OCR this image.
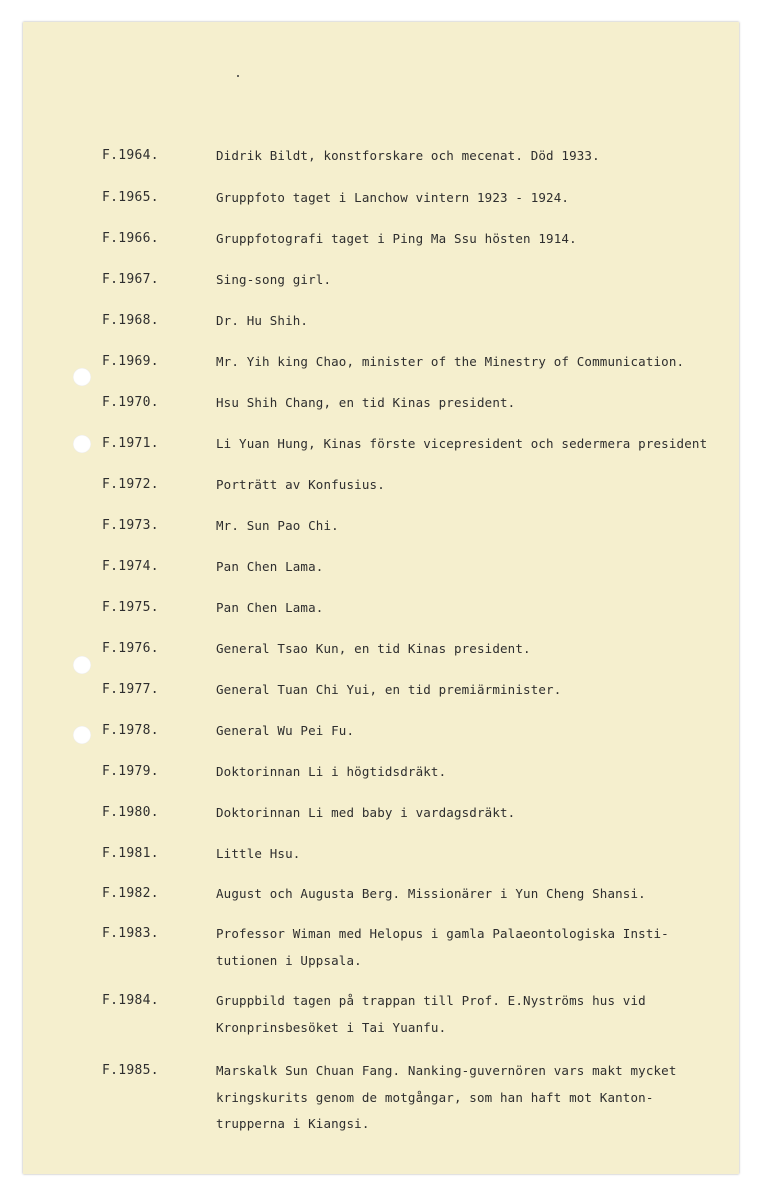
F.1964.	Didrik Bildt, konstforskare och mecenat. Död 1933.
F.1965.	Gruppfoto taget i Lanchow vintern 1923 - 1924.
F.1966.	Gruppfotografi taget i Ping Ma Ssu hösten 1914.
F.1967.	Sing-song girl.
F.1968.	Dr. Hu Shih.
F.1969.	Mr. Yih king Chao, minister of the Minestry of Communication.
F.1970.	Hsu Shih Chang, en tid Kinas president.
F.1971.	Li Yuan Hung, Kinas förste vicepresident och sedermera president
F.1972.	Porträtt av Konfusius.
F.1973.	Mr. Sun Pao Chi.
F.1974.	Pan Chen Lama.
F.1975.	Pan Chen Lama.
F.1976.	General Tsao Kun, en tid Kinas president.
F.1977.	General Tuan Chi Yui, en tid premiärminister.
F.1978.	General Wu Pei Fu.
F.1979.	Doktorinnan Li i högtidsdräkt.
F.1980.	Doktorinnan Li med baby i vardagsdräkt.
F.1981.	Little Hsu.
F.1982.	August och Augusta Berg. Missionärer i Yun Cheng Shansi.
F.1983.	Professor Wiman med Helopus i gamla Palaeontologiska Insti-
tutionen i Uppsala.
F.1984.	Gruppbild tagen på trappan till Prof. E.Nyströms hus vid
Kronprinsbesöket i Tai Yuanfu.
F.1985.	Marskalk Sun Chuan Fang. Nanking-guvernören vars makt mycket
kringskurits genom de motgångar, som han haft mot Kanton-
trupperna i Kiangsi.
